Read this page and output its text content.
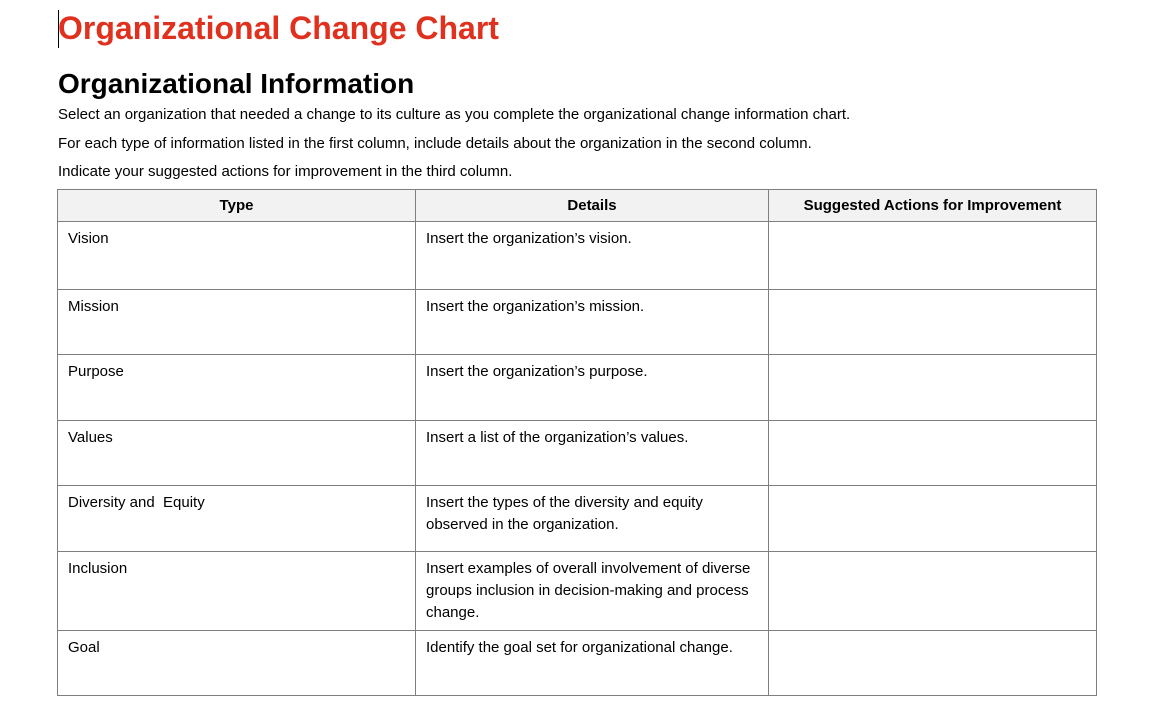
Organizational Change Chart
Organizational Information

Select an organization that needed a change to its culture as you complete the organizational change information chart.

For each type of information listed in the first column, include details about the organization in the second column.

Indicate your suggested actions for improvement in the third column.

Type	Details	Suggested Actions for Improvement
Vision	Insert the organization’s vision.	
Mission	Insert the organization’s mission.	
Purpose	Insert the organization’s purpose.	
Values	Insert a list of the organization’s values.	
Diversity and  Equity	Insert the types of the diversity and equity observed in the organization.	
Inclusion	Insert examples of overall involvement of diverse groups inclusion in decision-making and process change.	
Goal	Identify the goal set for organizational change.	
